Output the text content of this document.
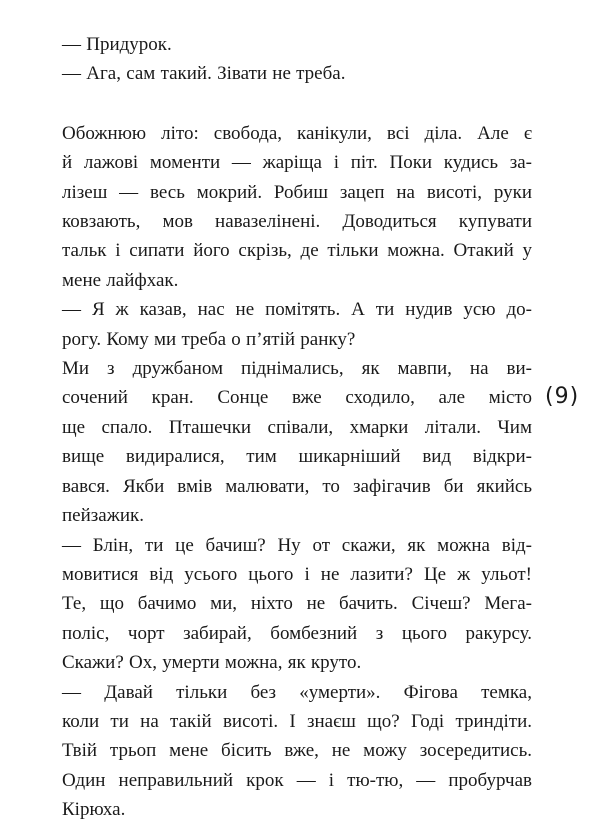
— Придурок.
— Ага, сам такий. Зівати не треба.
Обожнюю літо: свобода, канікули, всі діла. Але є
й лажові моменти — жаріща і піт. Поки кудись за-
лізеш — весь мокрий. Робиш зацеп на висоті, руки
ковзають, мов навазелінені. Доводиться купувати
тальк і сипати його скрізь, де тільки можна. Отакий у
мене лайфхак.
— Я ж казав, нас не помітять. А ти нудив усю до-
рогу. Кому ми треба о п’ятій ранку?
Ми з дружбаном піднімались, як мавпи, на ви-
сочений кран. Сонце вже сходило, але місто
ще спало. Пташечки співали, хмарки літали. Чим
вище видиралися, тим шикарніший вид відкри-
вався. Якби вмів малювати, то зафігачив би якийсь
пейзажик.
— Блін, ти це бачиш? Ну от скажи, як можна від-
мовитися від усього цього і не лазити? Це ж ульот!
Те, що бачимо ми, ніхто не бачить. Січеш? Мега-
поліс, чорт забирай, бомбезний з цього ракурсу.
Скажи? Ох, умерти можна, як круто.
— Давай тільки без «умерти». Фігова темка,
коли ти на такій висоті. І знаєш що? Годі триндіти.
Твій трьоп мене бісить вже, не можу зосередитись.
Один неправильний крок — і тю-тю, — пробурчав
Кірюха.
(9)
